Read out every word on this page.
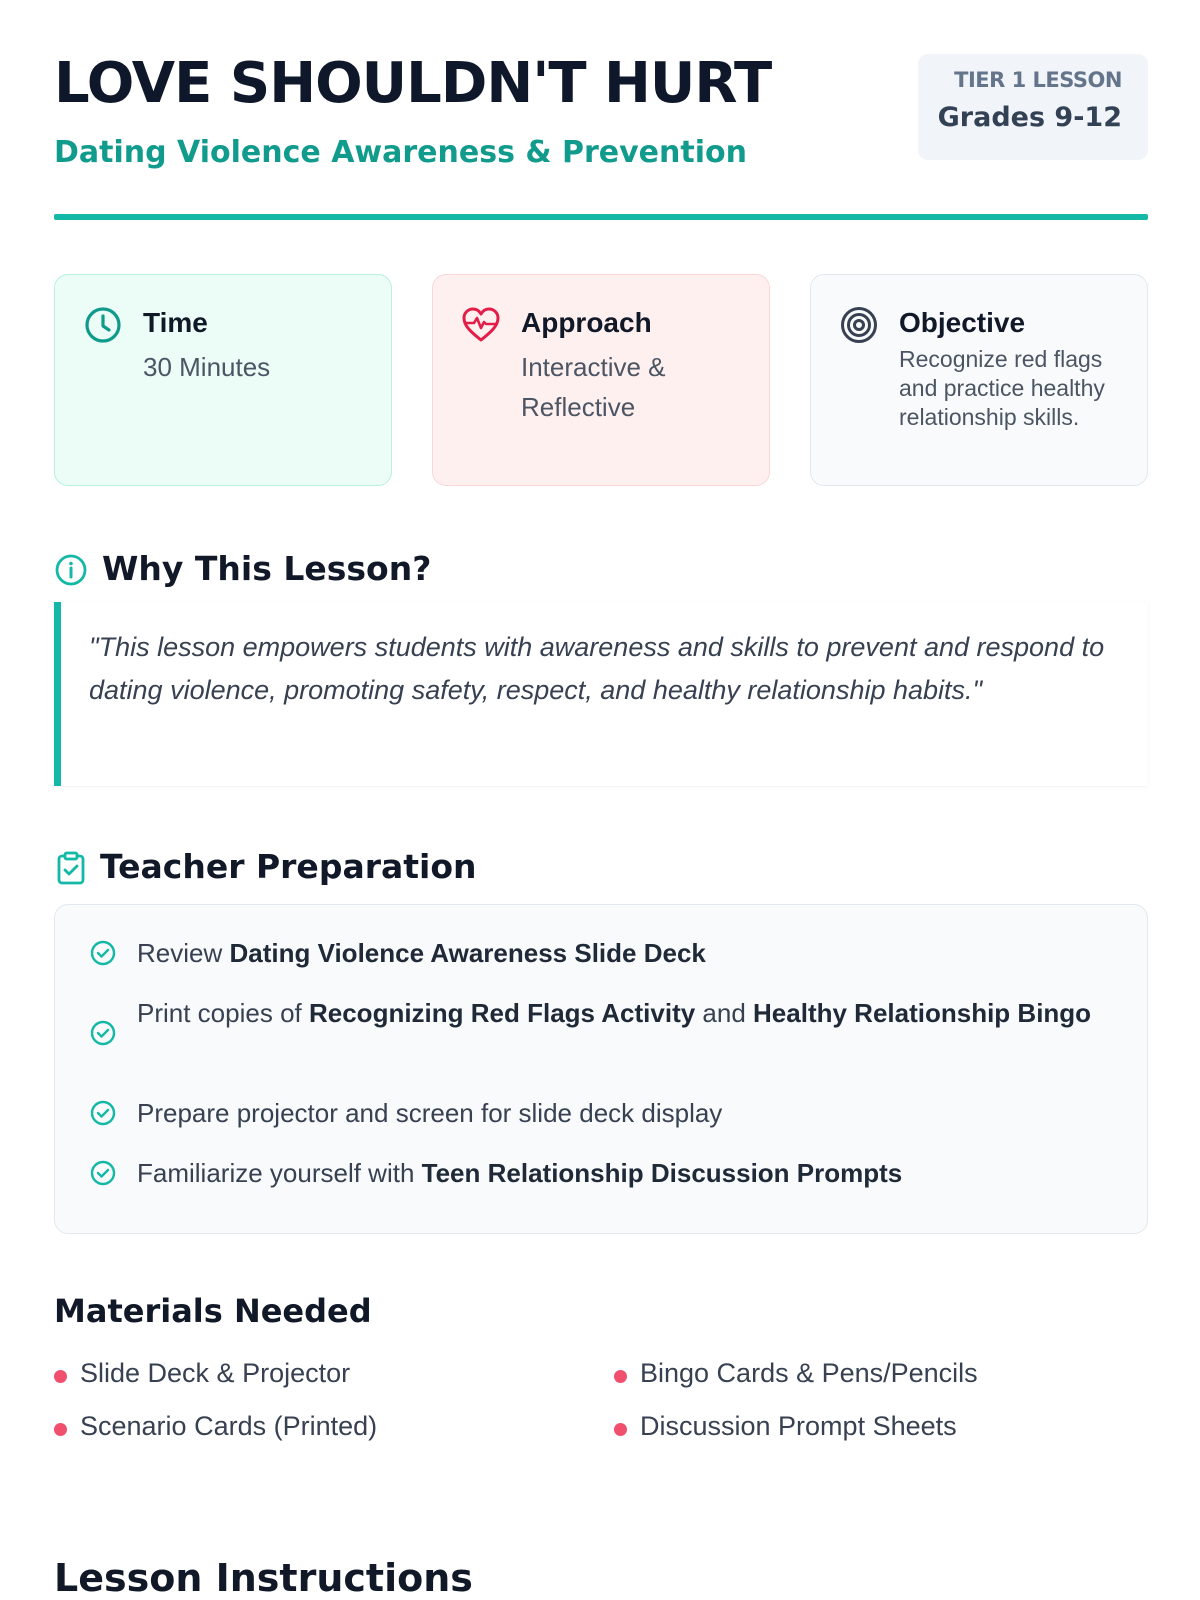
LOVE SHOULDN'T HURT
Dating Violence Awareness & Prevention
TIER 1 LESSON
Grades 9-12
Time
30 Minutes
Approach
Interactive & Reflective
Objective
Recognize red flags and practice healthy relationship skills.
Why This Lesson?

"This lesson empowers students with awareness and skills to prevent and respond to dating violence, promoting safety, respect, and healthy relationship habits."

Teacher Preparation
Review Dating Violence Awareness Slide Deck
Print copies of Recognizing Red Flags Activity and Healthy Relationship Bingo
Prepare projector and screen for slide deck display
Familiarize yourself with Teen Relationship Discussion Prompts
Materials Needed
Slide Deck & Projector	Bingo Cards & Pens/Pencils
Scenario Cards (Printed)	Discussion Prompt Sheets
Lesson Instructions
